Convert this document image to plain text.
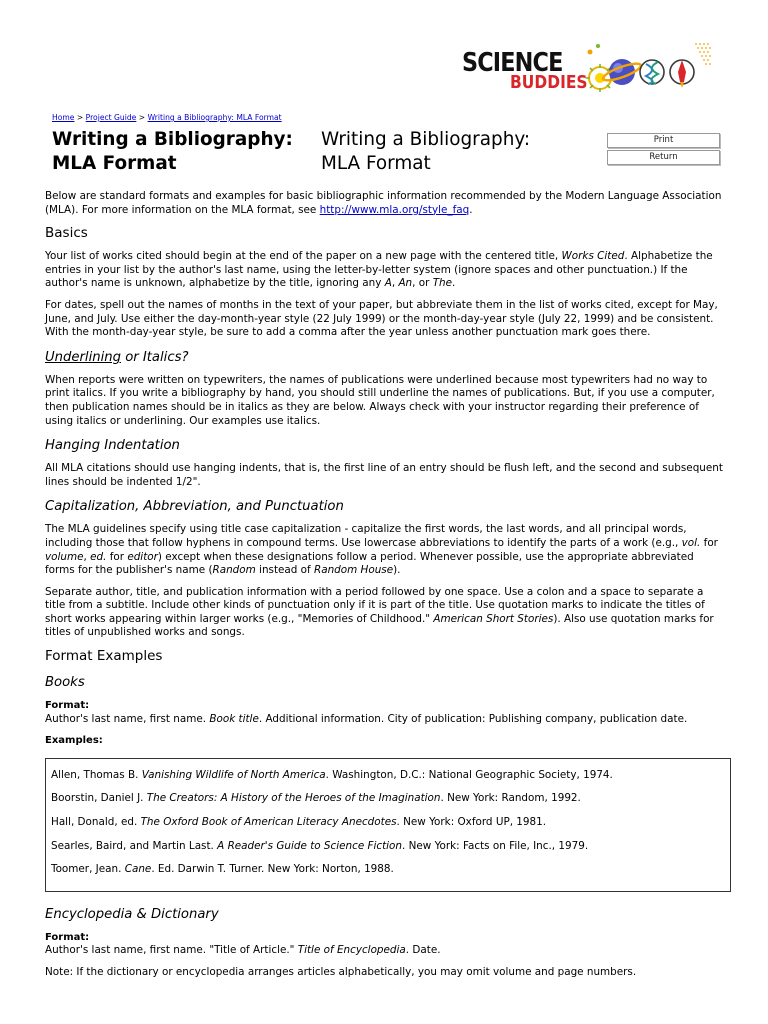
SCIENCE
BUDDIES
Home > Project Guide > Writing a Bibliography: MLA Format
Writing a Bibliography: MLA Format
Writing a Bibliography: MLA Format
Print
Return

Below are standard formats and examples for basic bibliographic information recommended by the Modern Language Association (MLA). For more information on the MLA format, see http://www.mla.org/style_faq.

Basics

Your list of works cited should begin at the end of the paper on a new page with the centered title, Works Cited. Alphabetize the entries in your list by the author's last name, using the letter-by-letter system (ignore spaces and other punctuation.) If the author's name is unknown, alphabetize by the title, ignoring any A, An, or The.

For dates, spell out the names of months in the text of your paper, but abbreviate them in the list of works cited, except for May, June, and July. Use either the day-month-year style (22 July 1999) or the month-day-year style (July 22, 1999) and be consistent. With the month-day-year style, be sure to add a comma after the year unless another punctuation mark goes there.

Underlining or Italics?

When reports were written on typewriters, the names of publications were underlined because most typewriters had no way to print italics. If you write a bibliography by hand, you should still underline the names of publications. But, if you use a computer, then publication names should be in italics as they are below. Always check with your instructor regarding their preference of using italics or underlining. Our examples use italics.

Hanging Indentation

All MLA citations should use hanging indents, that is, the first line of an entry should be flush left, and the second and subsequent lines should be indented 1/2".

Capitalization, Abbreviation, and Punctuation

The MLA guidelines specify using title case capitalization - capitalize the first words, the last words, and all principal words, including those that follow hyphens in compound terms. Use lowercase abbreviations to identify the parts of a work (e.g., vol. for volume, ed. for editor) except when these designations follow a period. Whenever possible, use the appropriate abbreviated forms for the publisher's name (Random instead of Random House).

Separate author, title, and publication information with a period followed by one space. Use a colon and a space to separate a title from a subtitle. Include other kinds of punctuation only if it is part of the title. Use quotation marks to indicate the titles of short works appearing within larger works (e.g., "Memories of Childhood." American Short Stories). Also use quotation marks for titles of unpublished works and songs.

Format Examples
Books
Format:

Author's last name, first name. Book title. Additional information. City of publication: Publishing company, publication date.

Examples:
Allen, Thomas B. Vanishing Wildlife of North America. Washington, D.C.: National Geographic Society, 1974.
Boorstin, Daniel J. The Creators: A History of the Heroes of the Imagination. New York: Random, 1992.
Hall, Donald, ed. The Oxford Book of American Literacy Anecdotes. New York: Oxford UP, 1981.
Searles, Baird, and Martin Last. A Reader's Guide to Science Fiction. New York: Facts on File, Inc., 1979.
Toomer, Jean. Cane. Ed. Darwin T. Turner. New York: Norton, 1988.
Encyclopedia & Dictionary
Format:

Author's last name, first name. "Title of Article." Title of Encyclopedia. Date.

Note: If the dictionary or encyclopedia arranges articles alphabetically, you may omit volume and page numbers.
